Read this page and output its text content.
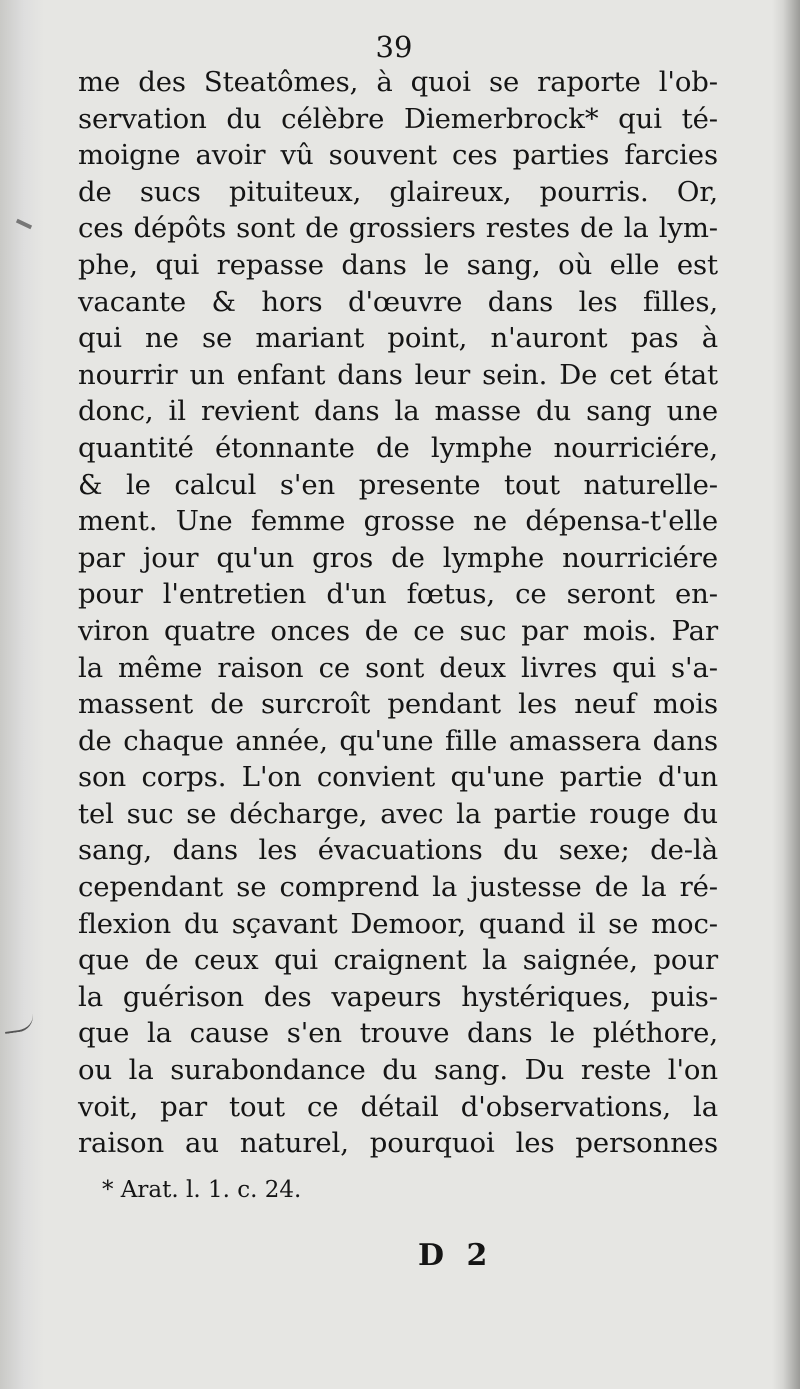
39
me des Steatômes, à quoi se raporte l'ob-
servation du célèbre Diemerbrock* qui té-
moigne avoir vû souvent ces parties farcies
de sucs pituiteux, glaireux, pourris. Or,
ces dépôts sont de grossiers restes de la lym-
phe, qui repasse dans le sang, où elle est
vacante & hors d'œuvre dans les filles,
qui ne se mariant point, n'auront pas à
nourrir un enfant dans leur sein. De cet état
donc, il revient dans la masse du sang une
quantité étonnante de lymphe nourriciére,
& le calcul s'en presente tout naturelle-
ment. Une femme grosse ne dépensa-t'elle
par jour qu'un gros de lymphe nourriciére
pour l'entretien d'un fœtus, ce seront en-
viron quatre onces de ce suc par mois. Par
la même raison ce sont deux livres qui s'a-
massent de surcroît pendant les neuf mois
de chaque année, qu'une fille amassera dans
son corps. L'on convient qu'une partie d'un
tel suc se décharge, avec la partie rouge du
sang, dans les évacuations du sexe; de-là
cependant se comprend la justesse de la ré-
flexion du sçavant Demoor, quand il se moc-
que de ceux qui craignent la saignée, pour
la guérison des vapeurs hystériques, puis-
que la cause s'en trouve dans le pléthore,
ou la surabondance du sang. Du reste l'on
voit, par tout ce détail d'observations, la
raison au naturel, pourquoi les personnes
* Arat. l. 1. c. 24.
D 2
